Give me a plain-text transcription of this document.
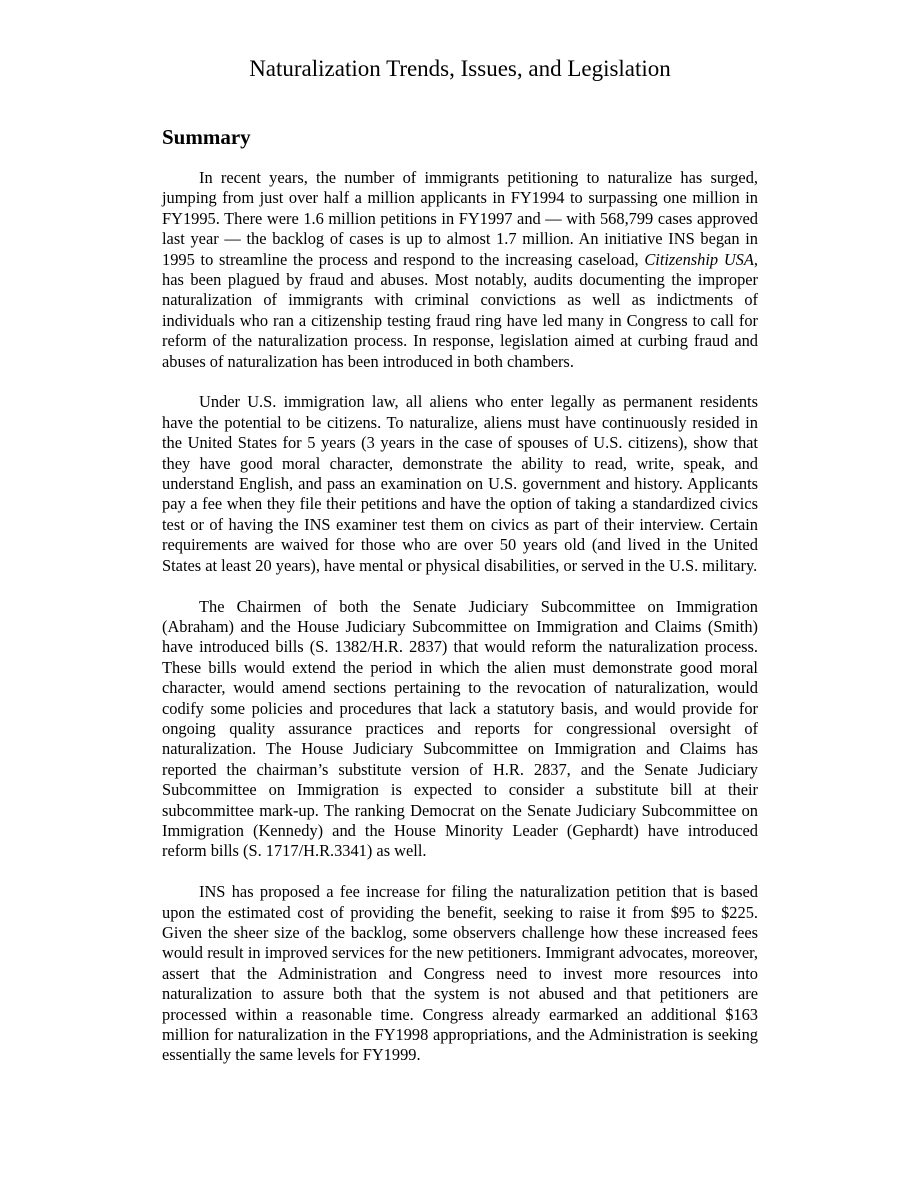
Naturalization Trends, Issues, and Legislation
Summary

In recent years, the number of immigrants petitioning to naturalize has surged, jumping from just over half a million applicants in FY1994 to surpassing one million in FY1995. There were 1.6 million petitions in FY1997 and — with 568,799 cases approved last year — the backlog of cases is up to almost 1.7 million. An initiative INS began in 1995 to streamline the process and respond to the increasing caseload, Citizenship USA, has been plagued by fraud and abuses. Most notably, audits documenting the improper naturalization of immigrants with criminal convictions as well as indictments of individuals who ran a citizenship testing fraud ring have led many in Congress to call for reform of the naturalization process. In response, legislation aimed at curbing fraud and abuses of naturalization has been introduced in both chambers.

Under U.S. immigration law, all aliens who enter legally as permanent residents have the potential to be citizens. To naturalize, aliens must have continuously resided in the United States for 5 years (3 years in the case of spouses of U.S. citizens), show that they have good moral character, demonstrate the ability to read, write, speak, and understand English, and pass an examination on U.S. government and history. Applicants pay a fee when they file their petitions and have the option of taking a standardized civics test or of having the INS examiner test them on civics as part of their interview. Certain requirements are waived for those who are over 50 years old (and lived in the United States at least 20 years), have mental or physical disabilities, or served in the U.S. military.

The Chairmen of both the Senate Judiciary Subcommittee on Immigration (Abraham) and the House Judiciary Subcommittee on Immigration and Claims (Smith) have introduced bills (S. 1382/H.R. 2837) that would reform the naturalization process. These bills would extend the period in which the alien must demonstrate good moral character, would amend sections pertaining to the revocation of naturalization, would codify some policies and procedures that lack a statutory basis, and would provide for ongoing quality assurance practices and reports for congressional oversight of naturalization. The House Judiciary Subcommittee on Immigration and Claims has reported the chairman’s substitute version of H.R. 2837, and the Senate Judiciary Subcommittee on Immigration is expected to consider a substitute bill at their subcommittee mark-up. The ranking Democrat on the Senate Judiciary Subcommittee on Immigration (Kennedy) and the House Minority Leader (Gephardt) have introduced reform bills (S. 1717/H.R.3341) as well.

INS has proposed a fee increase for filing the naturalization petition that is based upon the estimated cost of providing the benefit, seeking to raise it from $95 to $225. Given the sheer size of the backlog, some observers challenge how these increased fees would result in improved services for the new petitioners. Immigrant advocates, moreover, assert that the Administration and Congress need to invest more resources into naturalization to assure both that the system is not abused and that petitioners are processed within a reasonable time. Congress already earmarked an additional $163 million for naturalization in the FY1998 appropriations, and the Administration is seeking essentially the same levels for FY1999.
